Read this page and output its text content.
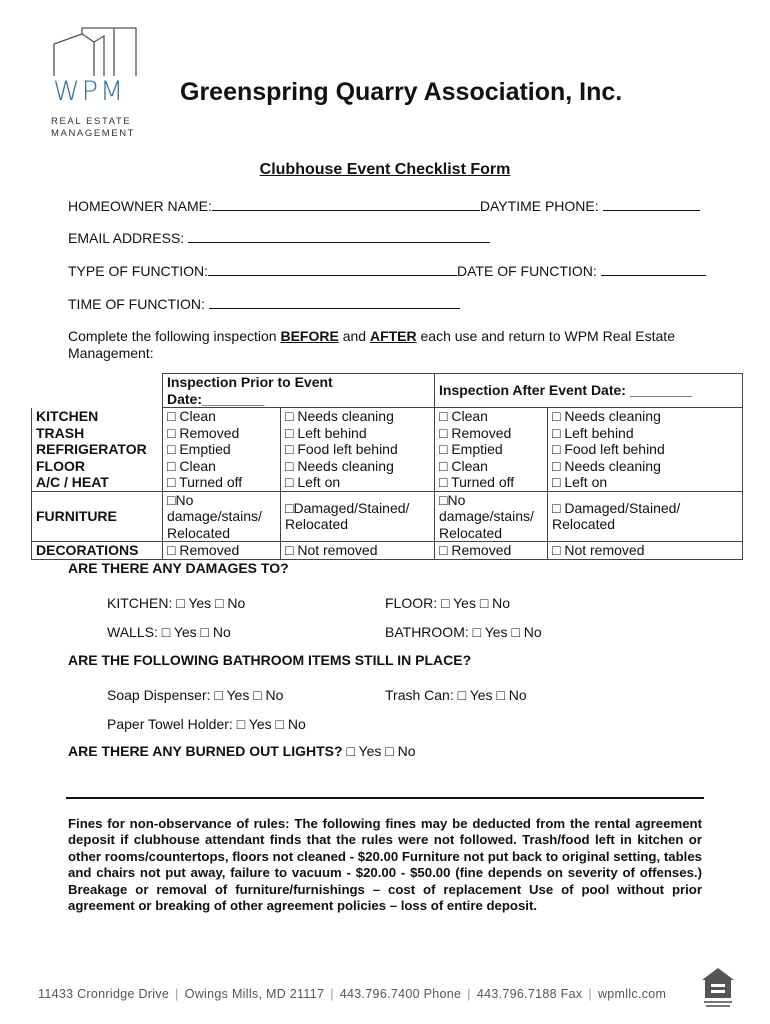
WPM
REAL ESTATE
MANAGEMENT
Greenspring Quarry Association, Inc.
Clubhouse Event Checklist Form
HOMEOWNER NAME:	DAYTIME PHONE:
EMAIL ADDRESS:
TYPE OF FUNCTION:	DATE OF FUNCTION:
TIME OF FUNCTION:
Complete the following inspection BEFORE and AFTER each use and return to WPM Real Estate Management:
	Inspection Prior to Event Date:________		Inspection After Event Date: ________	
KITCHEN	□ Clean	□ Needs cleaning	□ Clean	□ Needs cleaning
TRASH	□ Removed	□ Left behind	□ Removed	□ Left behind
REFRIGERATOR	□ Emptied	□ Food left behind	□ Emptied	□ Food left behind
FLOOR	□ Clean	□ Needs cleaning	□ Clean	□ Needs cleaning
A/C / HEAT	□ Turned off	□ Left on	□ Turned off	□ Left on
FURNITURE	□No damage/stains/ Relocated	□Damaged/Stained/ Relocated	□No damage/stains/ Relocated	□ Damaged/Stained/ Relocated
DECORATIONS	□ Removed	□ Not removed	□ Removed	□ Not removed
ARE THERE ANY DAMAGES TO?
KITCHEN: □ Yes □ No	FLOOR: □ Yes □ No
WALLS: □ Yes □ No	BATHROOM: □ Yes □ No
ARE THE FOLLOWING BATHROOM ITEMS STILL IN PLACE?
Soap Dispenser: □ Yes □ No	Trash Can: □ Yes □ No
Paper Towel Holder: □ Yes □ No
ARE THERE ANY BURNED OUT LIGHTS? □ Yes □ No
Fines for non-observance of rules: The following fines may be deducted from the rental agreement deposit if clubhouse attendant finds that the rules were not followed. Trash/food left in kitchen or other rooms/countertops, floors not cleaned - $20.00 Furniture not put back to original setting, tables and chairs not put away, failure to vacuum - $20.00 - $50.00 (fine depends on severity of offenses.) Breakage or removal of furniture/furnishings – cost of replacement Use of pool without prior agreement or breaking of other agreement policies – loss of entire deposit.
11433 Cronridge Drive | Owings Mills, MD 21117 | 443.796.7400 Phone | 443.796.7188 Fax | wpmllc.com
